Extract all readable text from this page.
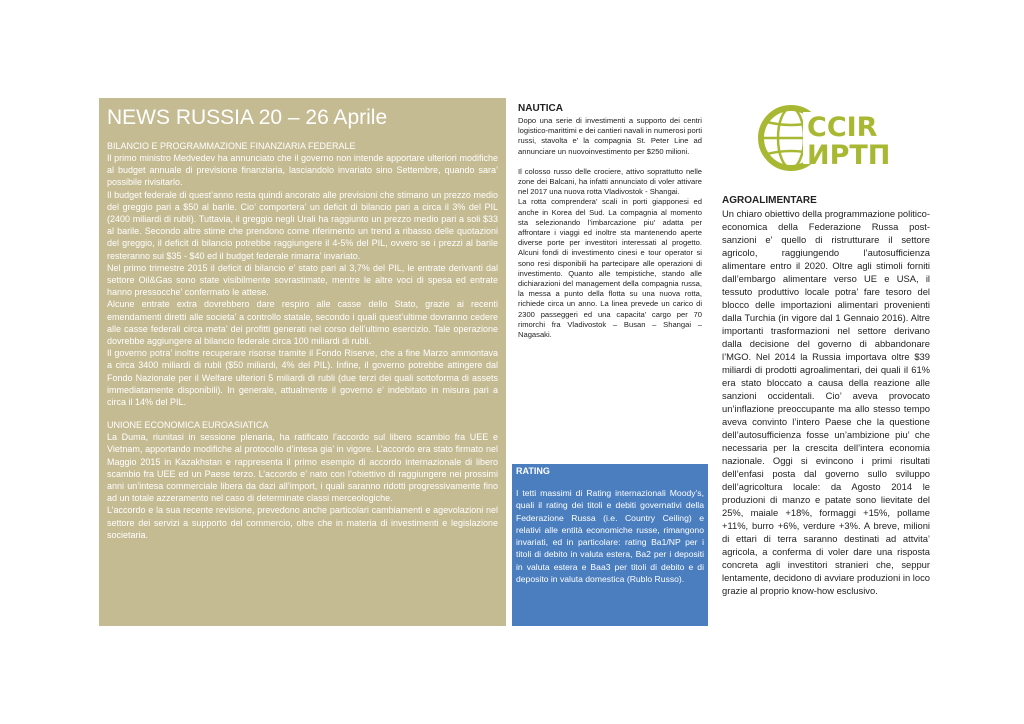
NEWS RUSSIA 20 – 26 Aprile

BILANCIO E PROGRAMMAZIONE FINANZIARIA FEDERALE

Il primo ministro Medvedev ha annunciato che il governo non intende apportare ulteriori modifiche al budget annuale di previsione finanziaria, lasciandolo invariato sino Settembre, quando sara’ possibile rivisitarlo.

Il budget federale di quest’anno resta quindi ancorato alle previsioni che stimano un prezzo medio del greggio pari a $50 al barile. Cio’ comportera’ un deficit di bilancio pari a circa il 3% del PIL (2400 miliardi di rubli). Tuttavia, il greggio negli Urali ha raggiunto un prezzo medio pari a soli $33 al barile. Secondo altre stime che prendono come riferimento un trend a ribasso delle quotazioni del greggio, il deficit di bilancio potrebbe raggiungere il 4-5% del PIL, ovvero se i prezzi al barile resteranno sui $35 - $40 ed il budget federale rimarra’ invariato.

Nel primo trimestre 2015 il deficit di bilancio e’ stato pari al 3,7% del PIL, le entrate derivanti dal settore Oil&Gas sono state visibilmente sovrastimate, mentre le altre voci di spesa ed entrate hanno pressocche’ confermato le attese.

Alcune entrate extra dovrebbero dare respiro alle casse dello Stato, grazie ai recenti emendamenti diretti alle societa’ a controllo statale, secondo i quali quest’ultime dovranno cedere alle casse federali circa meta’ dei profitti generati nel corso dell’ultimo esercizio. Tale operazione dovrebbe aggiungere al bilancio federale circa 100 miliardi di rubli.

Il governo potra’ inoltre recuperare risorse tramite il Fondo Riserve, che a fine Marzo ammontava a circa 3400 miliardi di rubli ($50 miliardi, 4% del PIL). Infine, il governo potrebbe attingere dal Fondo Nazionale per il Welfare ulteriori 5 miliardi di rubli (due terzi dei quali sottoforma di assets immediatamente disponibili). In generale, attualmente il governo e’ indebitato in misura pari a circa il 14% del PIL.

UNIONE ECONOMICA EUROASIATICA

La Duma, riunitasi in sessione plenaria, ha ratificato l’accordo sul libero scambio fra UEE e Vietnam, apportando modifiche al protocollo d’intesa gia’ in vigore. L’accordo era stato firmato nel Maggio 2015 in Kazakhstan e rappresenta il primo esempio di accordo internazionale di libero scambio fra UEE ed un Paese terzo. L’accordo e’ nato con l’obiettivo di raggiungere nei prossimi anni un’intesa commerciale libera da dazi all’import, i quali saranno ridotti progressivamente fino ad un totale azzeramento nel caso di determinate classi merceologiche.

L’accordo e la sua recente revisione, prevedono anche particolari cambiamenti e agevolazioni nel settore dei servizi a supporto del commercio, oltre che in materia di investimenti e legislazione societaria.

NAUTICA

Dopo una serie di investimenti a supporto dei centri logistico-marittimi e dei cantieri navali in numerosi porti russi, stavolta e’ la compagnia St. Peter Line ad annunciare un nuovoinvestimento per $250 milioni.

Il colosso russo delle crociere, attivo soprattutto nelle zone dei Balcani, ha infatti annunciato di voler attivare nel 2017 una nuova rotta Vladivostok - Shangai.

La rotta comprendera’ scali in porti giapponesi ed anche in Korea del Sud. La compagnia al momento sta selezionando l’imbarcazione piu’ adatta per affrontare i viaggi ed inoltre sta mantenendo aperte diverse porte per investitori interessati al progetto. Alcuni fondi di investimento cinesi e tour operator si sono resi disponibili ha partecipare alle operazioni di investimento. Quanto alle tempistiche, stando alle dichiarazioni del management della compagnia russa, la messa a punto della flotta su una nuova rotta, richiede circa un anno. La linea prevede un carico di 2300 passeggeri ed una capacita’ cargo per 70 rimorchi fra Vladivostok – Busan – Shangai – Nagasaki.

RATING

I tetti massimi di Rating internazionali Moody’s, quali il rating dei titoli e debiti governativi della Federazione Russa (i.e. Country Ceiling) e relativi alle entità economiche russe, rimangono invariati, ed in particolare: rating Ba1/NP per i titoli di debito in valuta estera, Ba2 per i depositi in valuta estera e Baa3 per titoli di debito e di deposito in valuta domestica (Rublo Russo).

CCIR
ИРТП

AGROALIMENTARE

Un chiaro obiettivo della programmazione politico-economica della Federazione Russa post-sanzioni e’ quello di ristrutturare il settore agricolo, raggiungendo l’autosufficienza alimentare entro il 2020. Oltre agli stimoli forniti dall’embargo alimentare verso UE e USA, il tessuto produttivo locale potra’ fare tesoro del blocco delle importazioni alimentari provenienti dalla Turchia (in vigore dal 1 Gennaio 2016). Altre importanti trasformazioni nel settore derivano dalla decisione del governo di abbandonare l’MGO. Nel 2014 la Russia importava oltre $39 miliardi di prodotti agroalimentari, dei quali il 61% era stato bloccato a causa della reazione alle sanzioni occidentali. Cio’ aveva provocato un’inflazione preoccupante ma allo stesso tempo aveva convinto l’intero Paese che la questione dell’autosufficienza fosse un’ambizione piu’ che necessaria per la crescita dell’intera economia nazionale. Oggi si evincono i primi risultati dell’enfasi posta dal governo sullo sviluppo dell’agricoltura locale: da Agosto 2014 le produzioni di manzo e patate sono lievitate del 25%, maiale +18%, formaggi +15%, pollame +11%, burro +6%, verdure +3%. A breve, milioni di ettari di terra saranno destinati ad attvita’ agricola, a conferma di voler dare una risposta concreta agli investitori stranieri che, seppur lentamente, decidono di avviare produzioni in loco grazie al proprio know-how esclusivo.
